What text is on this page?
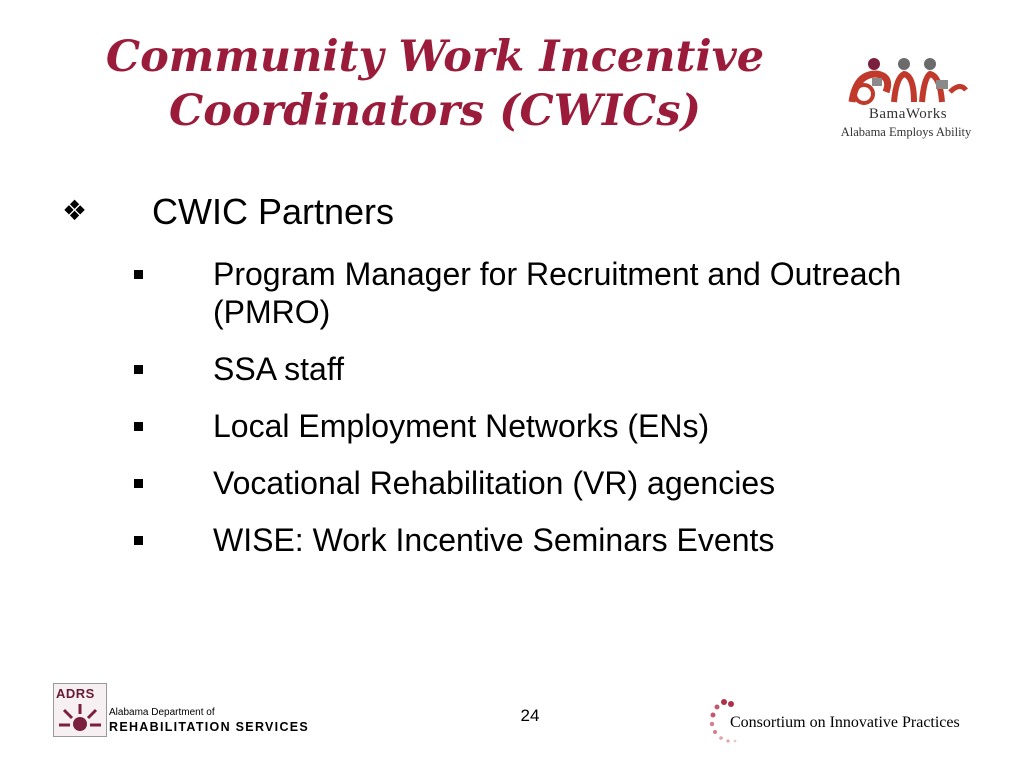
Community Work Incentive
Coordinators (CWICs)	BamaWorks
Alabama Employs Ability
❖ CWIC Partners
Program Manager for Recruitment and Outreach (PMRO)
SSA staff
Local Employment Networks (ENs)
Vocational Rehabilitation (VR) agencies
WISE: Work Incentive Seminars Events
ADRS
Alabama Department of
REHABILITATION SERVICES
24	Consortium on Innovative Practices
